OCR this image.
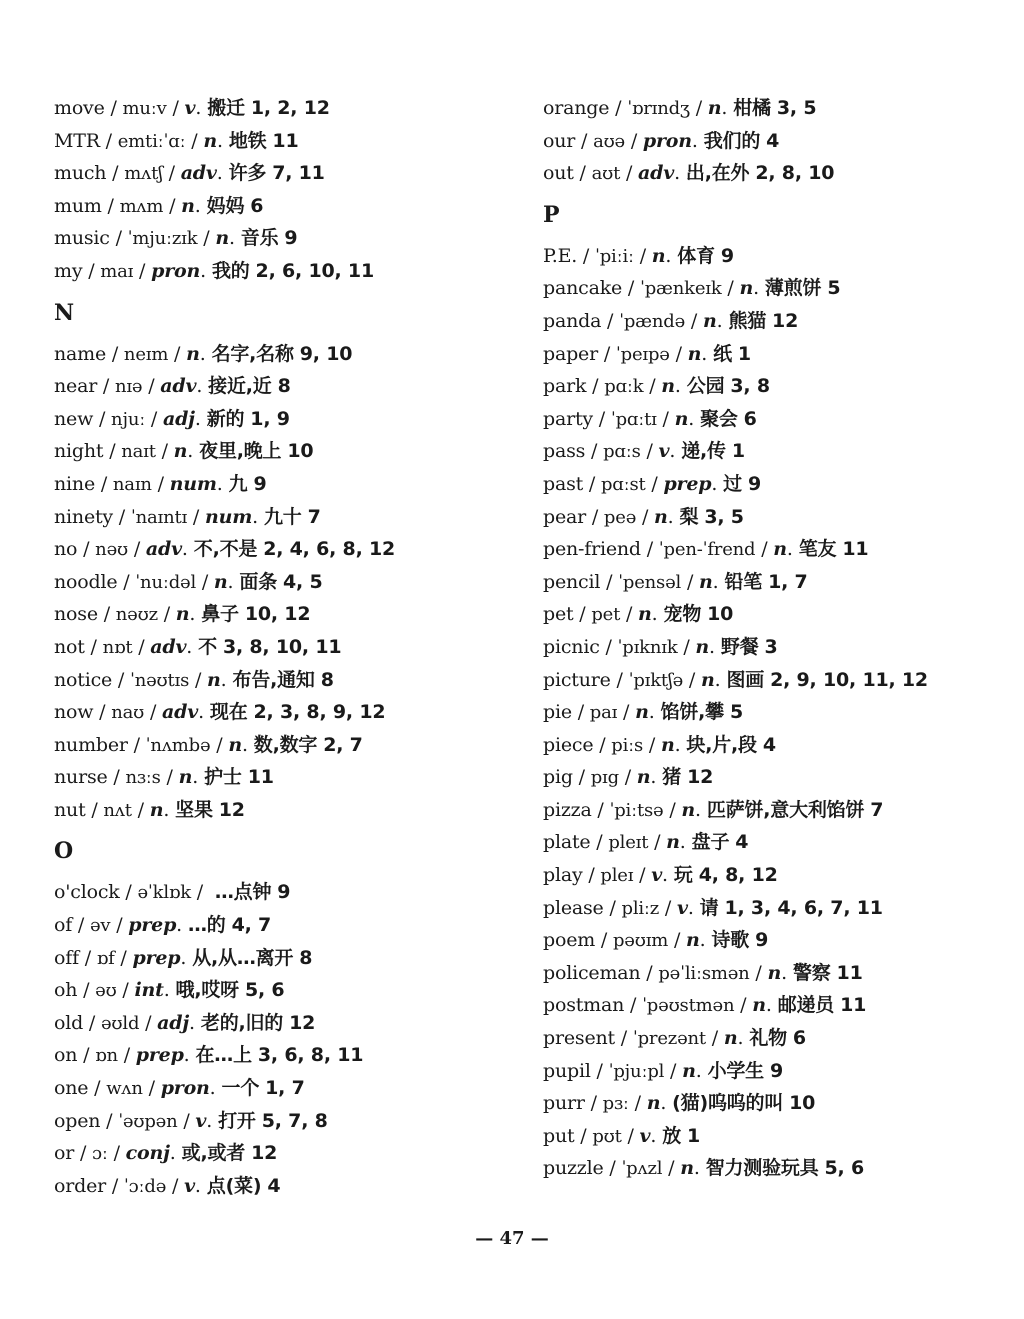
move / muːv / v. 搬迁 1, 2, 12
MTR / emtiːˈɑː / n. 地铁 11
much / mʌtʃ / adv. 许多 7, 11
mum / mʌm / n. 妈妈 6
music / ˈmjuːzɪk / n. 音乐 9
my / maɪ / pron. 我的 2, 6, 10, 11
N
name / neɪm / n. 名字,名称 9, 10
near / nɪə / adv. 接近,近 8
new / njuː / adj. 新的 1, 9
night / naɪt / n. 夜里,晚上 10
nine / naɪn / num. 九 9
ninety / ˈnaɪntɪ / num. 九十 7
no / nəʊ / adv. 不,不是 2, 4, 6, 8, 12
noodle / ˈnuːdəl / n. 面条 4, 5
nose / nəʊz / n. 鼻子 10, 12
not / nɒt / adv. 不 3, 8, 10, 11
notice / ˈnəʊtɪs / n. 布告,通知 8
now / naʊ / adv. 现在 2, 3, 8, 9, 12
number / ˈnʌmbə / n. 数,数字 2, 7
nurse / nɜːs / n. 护士 11
nut / nʌt / n. 坚果 12
O
o'clock / əˈklɒk / …点钟 9
of / əv / prep. …的 4, 7
off / ɒf / prep. 从,从…离开 8
oh / əʊ / int. 哦,哎呀 5, 6
old / əʊld / adj. 老的,旧的 12
on / ɒn / prep. 在…上 3, 6, 8, 11
one / wʌn / pron. 一个 1, 7
open / ˈəʊpən / v. 打开 5, 7, 8
or / ɔː / conj. 或,或者 12
order / ˈɔːdə / v. 点(菜) 4
orange / ˈɒrɪndʒ / n. 柑橘 3, 5
our / aʊə / pron. 我们的 4
out / aʊt / adv. 出,在外 2, 8, 10
P
P.E. / ˈpiːiː / n. 体育 9
pancake / ˈpænkeɪk / n. 薄煎饼 5
panda / ˈpændə / n. 熊猫 12
paper / ˈpeɪpə / n. 纸 1
park / pɑːk / n. 公园 3, 8
party / ˈpɑːtɪ / n. 聚会 6
pass / pɑːs / v. 递,传 1
past / pɑːst / prep. 过 9
pear / peə / n. 梨 3, 5
pen-friend / ˈpen-ˈfrend / n. 笔友 11
pencil / ˈpensəl / n. 铅笔 1, 7
pet / pet / n. 宠物 10
picnic / ˈpɪknɪk / n. 野餐 3
picture / ˈpɪktʃə / n. 图画 2, 9, 10, 11, 12
pie / paɪ / n. 馅饼,攀 5
piece / piːs / n. 块,片,段 4
pig / pɪg / n. 猪 12
pizza / ˈpiːtsə / n. 匹萨饼,意大利馅饼 7
plate / pleɪt / n. 盘子 4
play / pleɪ / v. 玩 4, 8, 12
please / pliːz / v. 请 1, 3, 4, 6, 7, 11
poem / pəʊɪm / n. 诗歌 9
policeman / pəˈliːsmən / n. 警察 11
postman / ˈpəʊstmən / n. 邮递员 11
present / ˈprezənt / n. 礼物 6
pupil / ˈpjuːpl / n. 小学生 9
purr / pɜː / n. (猫)呜呜的叫 10
put / pʊt / v. 放 1
puzzle / ˈpʌzl / n. 智力测验玩具 5, 6
— 47 —
